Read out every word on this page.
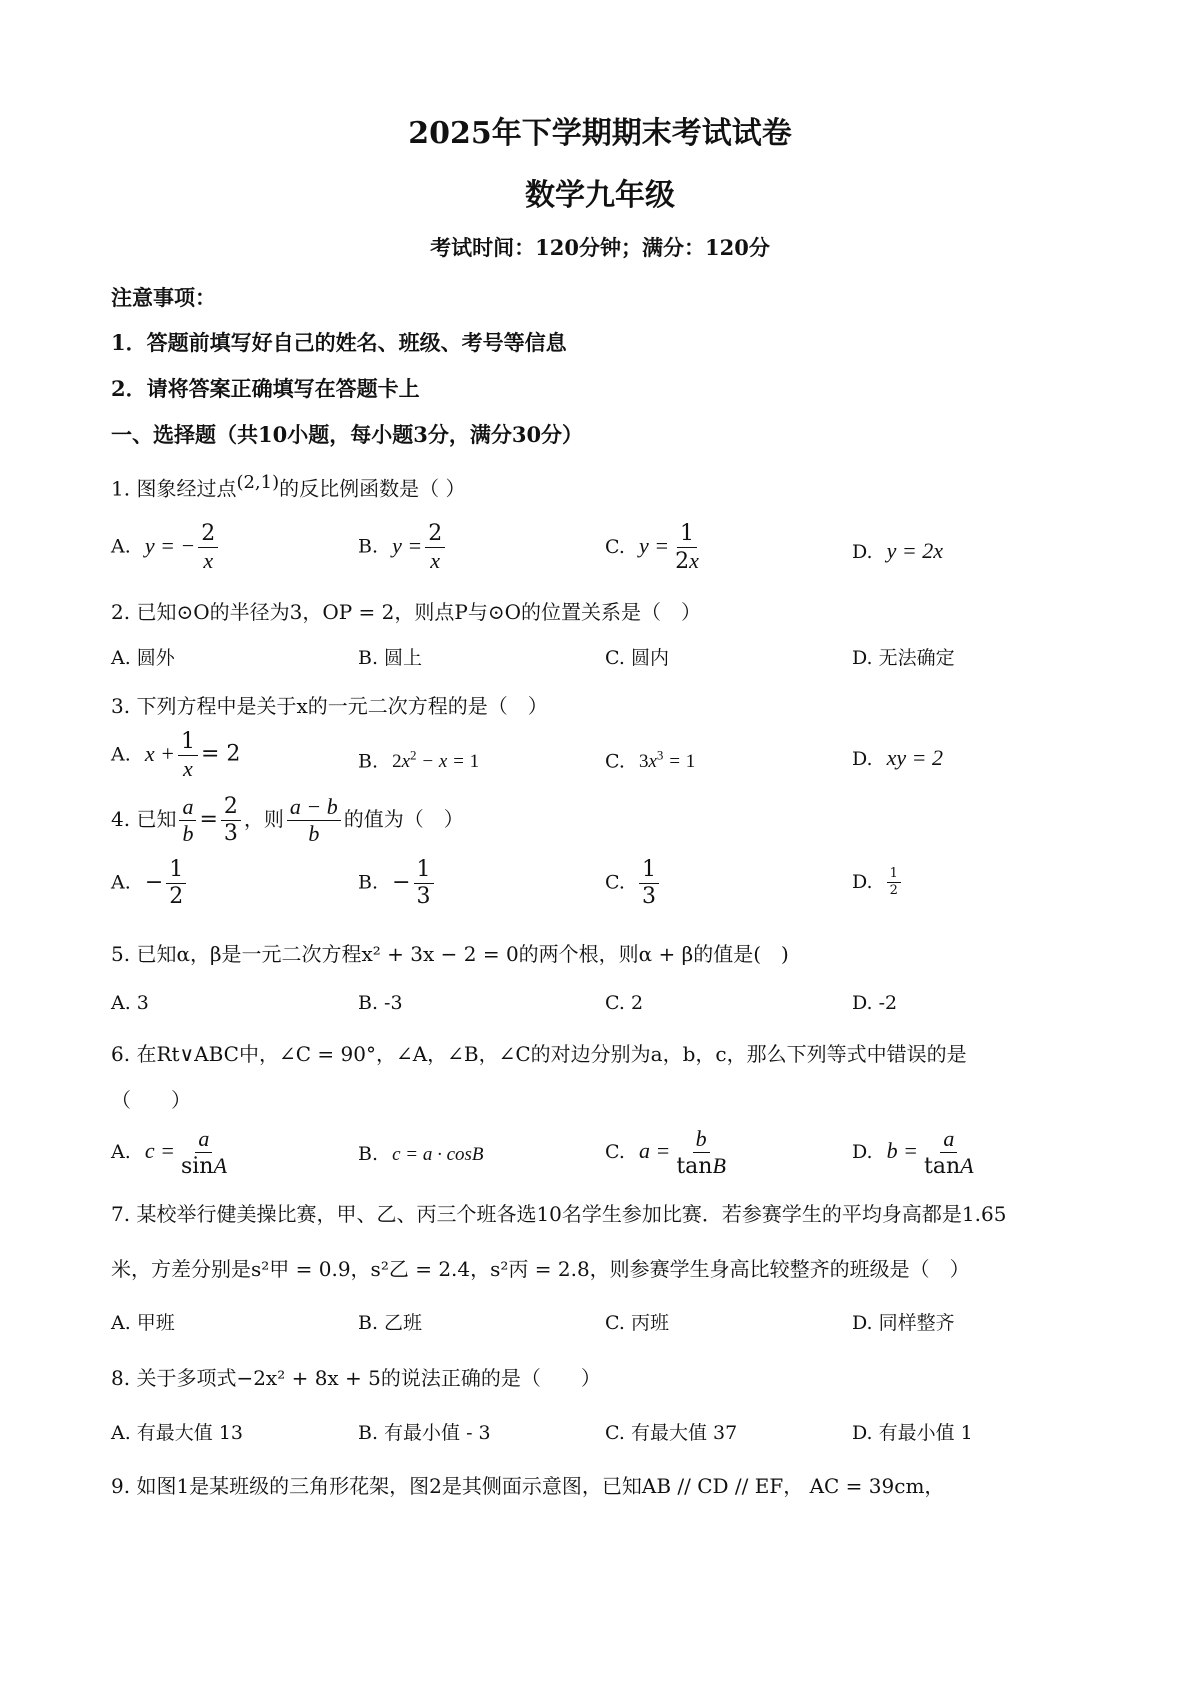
2025年下学期期末考试试卷
数学九年级
考试时间：120分钟；满分：120分
注意事项：
1．答题前填写好自己的姓名、班级、考号等信息
2．请将答案正确填写在答题卡上
一、选择题（共10小题，每小题3分，满分30分）
1. 图象经过点$^{(2,1)}$的反比例函数是（ ）
A. y = − $\frac{2}{x}$	B. $y = \frac{2}{x}$	C. $y = \frac{1}{2x}$	D. y = 2x
2. 已知⊙O的半径为3，OP = 2，则点P与⊙O的位置关系是（　）
A. 圆外	B. 圆上	C. 圆内	D. 无法确定
3. 下列方程中是关于x的一元二次方程的是（　）
A. $x + \frac{1}{x} = 2$	B. $2x^2 - x = 1$	C. $3x^3 = 1$	D. xy = 2
4. 已知 $\frac{a}{b} = \frac{2}{3}$ ，则 $\frac{a - b}{b}$ 的值为（　）
A. − $\frac{1}{2}$	B. − $\frac{1}{3}$	C. $\frac{1}{3}$	D. $\frac{1}{2}$
5. 已知α，β是一元二次方程x² + 3x − 2 = 0的两个根，则α + β的值是(　)
A. 3	B. -3	C. 2	D. -2
6. 在Rt∨ABC中，∠C = 90°，∠A，∠B，∠C的对边分别为a，b，c，那么下列等式中错误的是
（　　）
A. $c = \frac{a}{\sin A}$	B. c = a · cosB	C. $a = \frac{b}{\tan B}$	D. $b = \frac{a}{\tan A}$
7. 某校举行健美操比赛，甲、乙、丙三个班各选10名学生参加比赛．若参赛学生的平均身高都是1.65
米，方差分别是s²甲 = 0.9，s²乙 = 2.4，s²丙 = 2.8，则参赛学生身高比较整齐的班级是（　）
A. 甲班	B. 乙班	C. 丙班	D. 同样整齐
8. 关于多项式−2x² + 8x + 5的说法正确的是（　　）
A. 有最大值 13	B. 有最小值 - 3	C. 有最大值 37	D. 有最小值 1
9. 如图1是某班级的三角形花架，图2是其侧面示意图，已知AB // CD // EF， AC = 39cm，
